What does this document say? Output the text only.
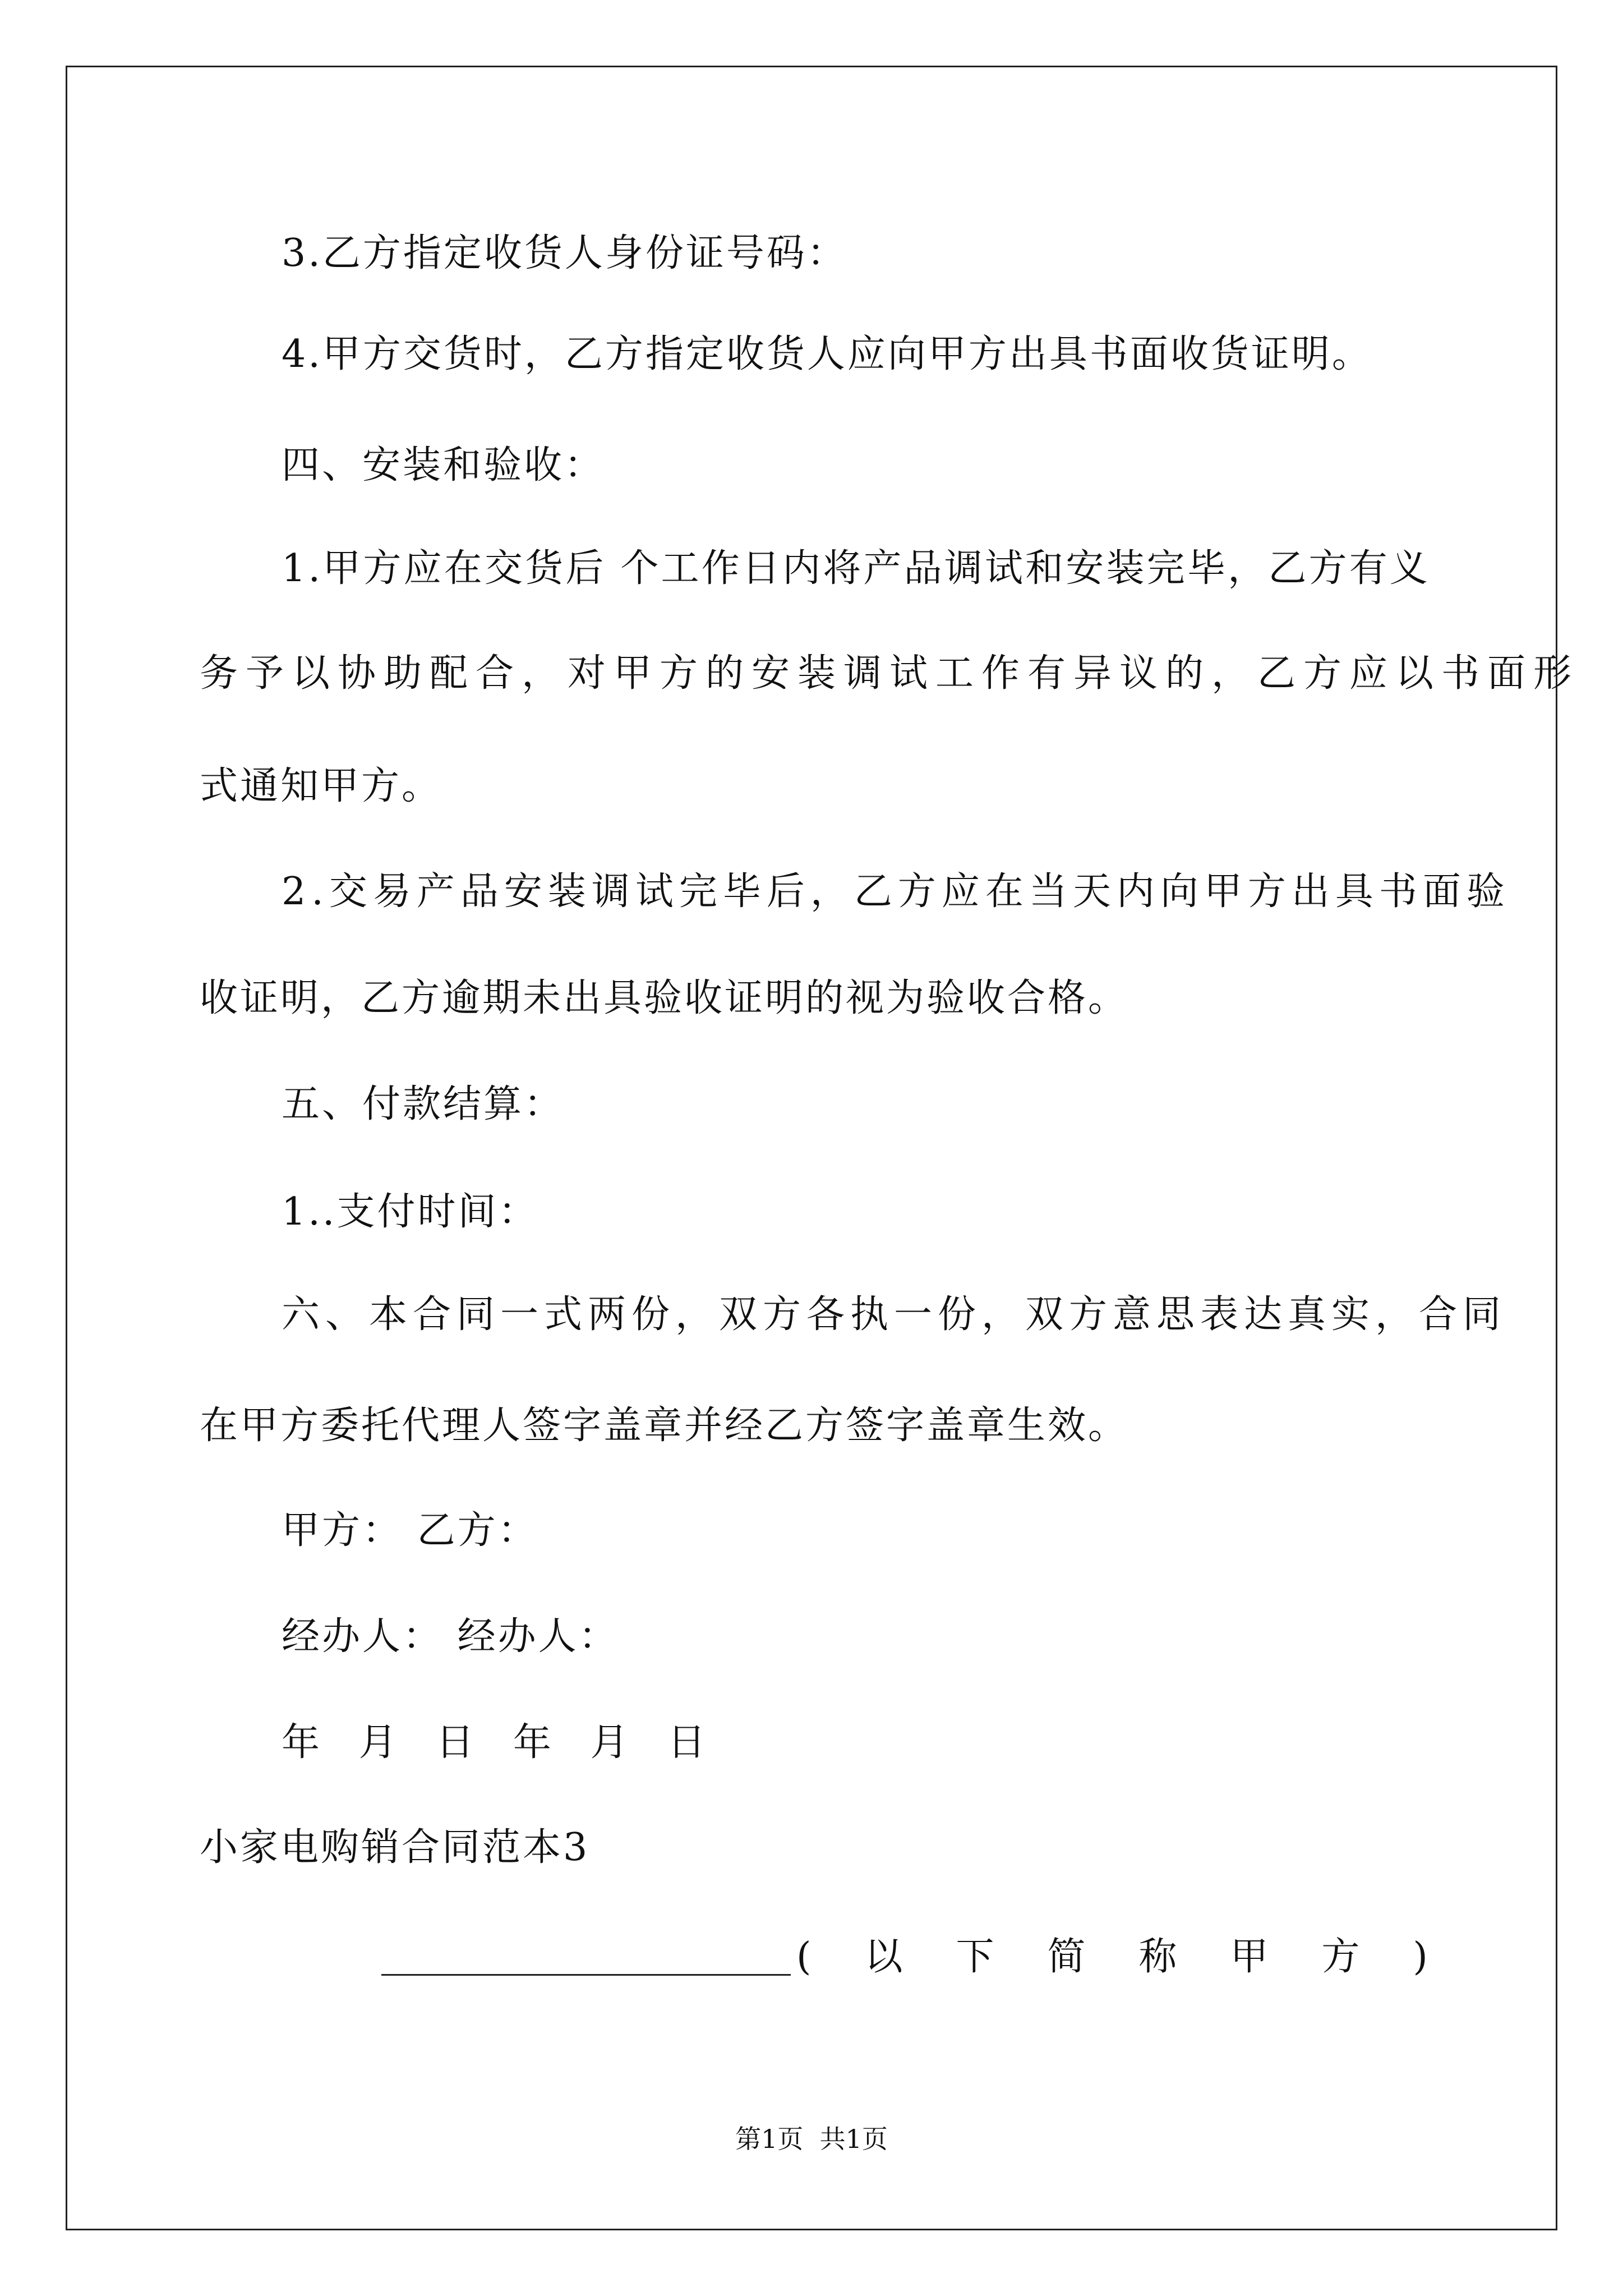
3.乙方指定收货人身份证号码：
4.甲方交货时，乙方指定收货人应向甲方出具书面收货证明。
四、安装和验收：
1 . 甲 方 应 在 交 货 后
个 工 作 日 内 将 产 品 调 试 和 安 装 完 毕 ， 乙 方 有 义
务予以协助配合，对甲方的安装调试工作有异议的，乙方应以书面形
式通知甲方。
2.交易产品安装调试完毕后，乙方应在当天内向甲方出具书面验
收证明，乙方逾期未出具验收证明的视为验收合格。
五、付款结算：
1..支付时间：
六、本合同一式两份，双方各执一份，双方意思表达真实，合同
在甲方委托代理人签字盖章并经乙方签字盖章生效。
甲方： 乙方：
经办人： 经办人：
年 月 日 年 月 日
小家电购销合同范本3
( 以 下 简 称 甲 方 )
第1页  共1页
